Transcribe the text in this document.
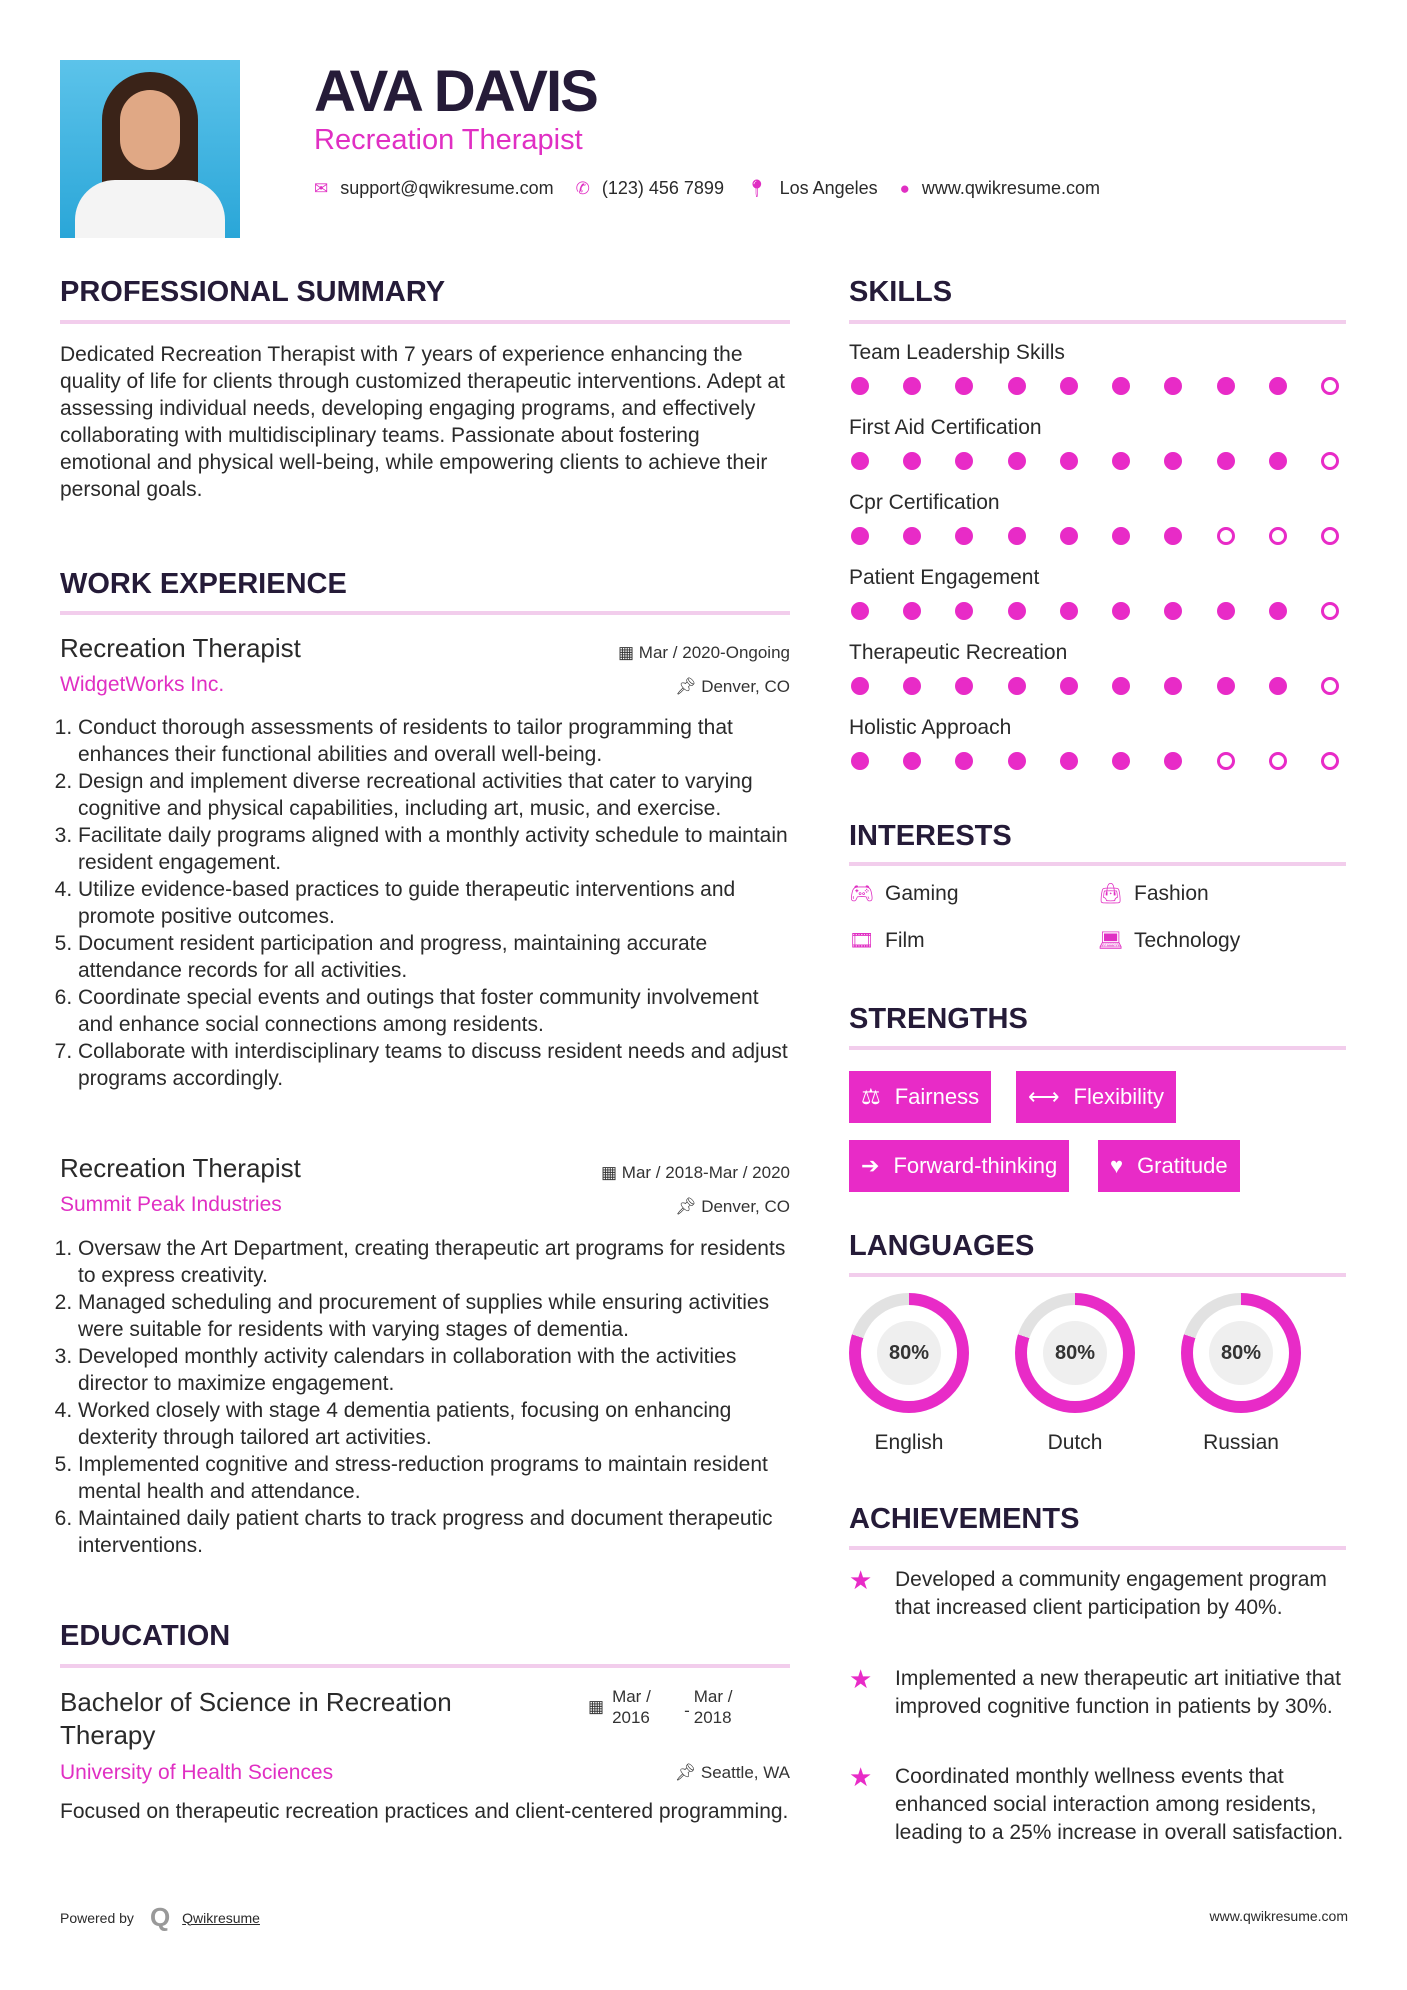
AVA DAVIS
Recreation Therapist
✉ support@qwikresume.com ✆ (123) 456 7899 📍︎ Los Angeles ● www.qwikresume.com
PROFESSIONAL SUMMARY
Dedicated Recreation Therapist with 7 years of experience enhancing the quality of life for clients through customized therapeutic interventions. Adept at assessing individual needs, developing engaging programs, and effectively collaborating with multidisciplinary teams. Passionate about fostering emotional and physical well-being, while empowering clients to achieve their personal goals.
WORK EXPERIENCE
EDUCATION
Bachelor of Science in Recreation Therapy
▦
Mar / 2016	-
Mar / 2018
University of Health Sciences	📌︎ Seattle, WA
Focused on therapeutic recreation practices and client-centered programming.
SKILLS
INTERESTS
STRENGTHS
LANGUAGES
ACHIEVEMENTS
Powered by Q Qwikresume	www.qwikresume.com
Recreation Therapist	▦ Mar / 2020-Ongoing
WidgetWorks Inc.	📌︎ Denver, CO
1. Conduct thorough assessments of residents to tailor programming that enhances their functional abilities and overall well-being.
2. Design and implement diverse recreational activities that cater to varying cognitive and physical capabilities, including art, music, and exercise.
3. Facilitate daily programs aligned with a monthly activity schedule to maintain resident engagement.
4. Utilize evidence-based practices to guide therapeutic interventions and promote positive outcomes.
5. Document resident participation and progress, maintaining accurate attendance records for all activities.
6. Coordinate special events and outings that foster community involvement and enhance social connections among residents.
7. Collaborate with interdisciplinary teams to discuss resident needs and adjust programs accordingly.
Recreation Therapist	▦ Mar / 2018-Mar / 2020
Summit Peak Industries	📌︎ Denver, CO
1. Oversaw the Art Department, creating therapeutic art programs for residents to express creativity.
2. Managed scheduling and procurement of supplies while ensuring activities were suitable for residents with varying stages of dementia.
3. Developed monthly activity calendars in collaboration with the activities director to maximize engagement.
4. Worked closely with stage 4 dementia patients, focusing on enhancing dexterity through tailored art activities.
5. Implemented cognitive and stress-reduction programs to maintain resident mental health and attendance.
6. Maintained daily patient charts to track progress and document therapeutic interventions.
Team Leadership Skills
First Aid Certification
Cpr Certification
Patient Engagement
Therapeutic Recreation
Holistic Approach
🎮︎ Gaming	👜︎ Fashion
🎞︎ Film	💻︎ Technology
⚖ Fairness ⟷ Flexibility
➔ Forward-thinking ♥ Gratitude
80%
English
80%
Dutch
80%
Russian
★	Developed a community engagement program that increased client participation by 40%.
★	Implemented a new therapeutic art initiative that improved cognitive function in patients by 30%.
★	Coordinated monthly wellness events that enhanced social interaction among residents, leading to a 25% increase in overall satisfaction.
